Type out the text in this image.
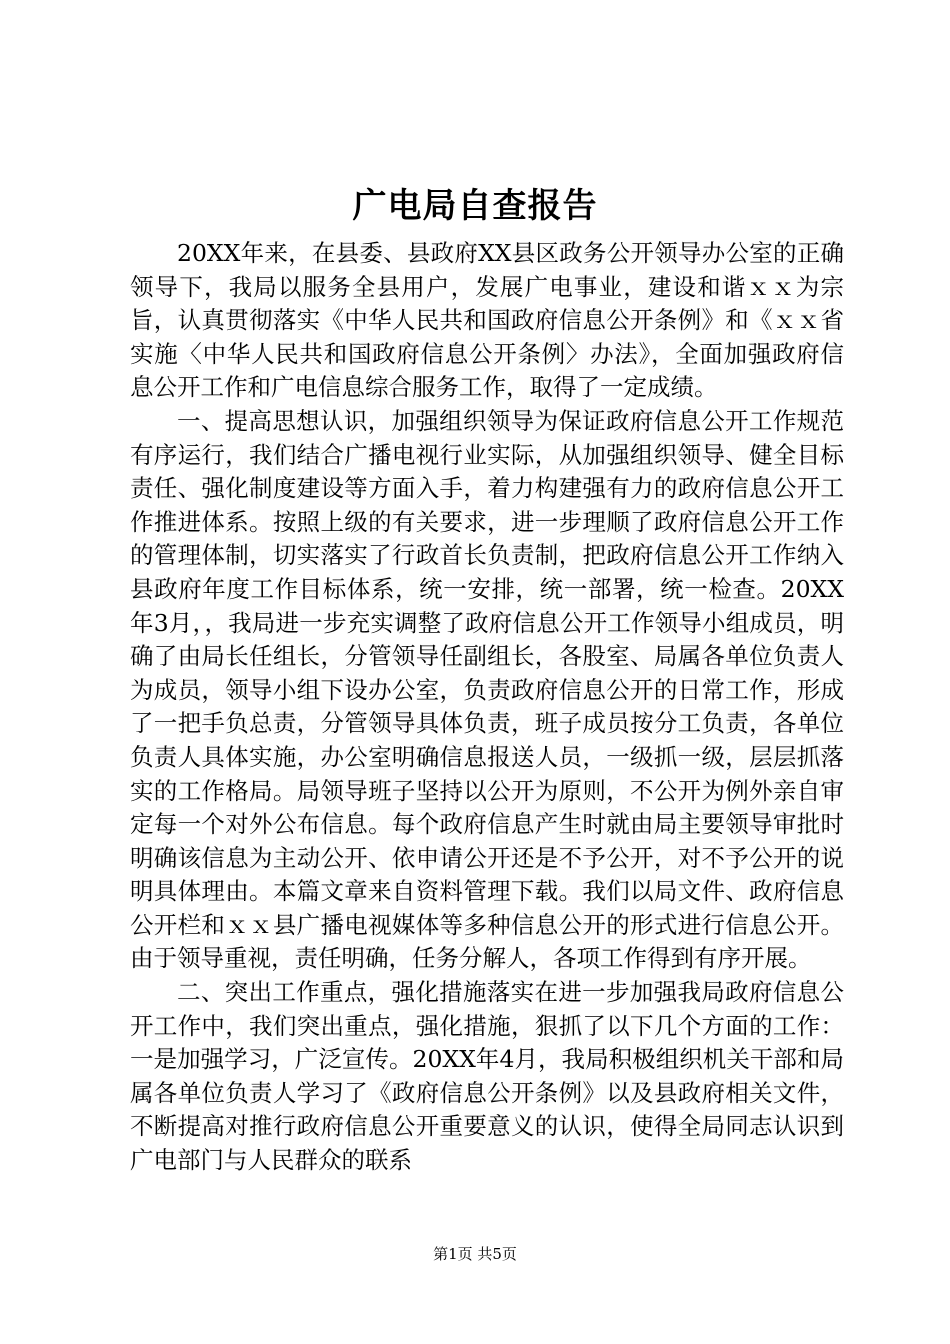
广电局自查报告

20XX年来，在县委、县政府XX县区政务公开领导办公室的正确领导下，我局以服务全县用户，发展广电事业，建设和谐ｘｘ为宗旨，认真贯彻落实《中华人民共和国政府信息公开条例》和《ｘｘ省实施〈中华人民共和国政府信息公开条例〉办法》，全面加强政府信息公开工作和广电信息综合服务工作，取得了一定成绩。

一、提高思想认识，加强组织领导为保证政府信息公开工作规范有序运行，我们结合广播电视行业实际，从加强组织领导、健全目标责任、强化制度建设等方面入手，着力构建强有力的政府信息公开工作推进体系。按照上级的有关要求，进一步理顺了政府信息公开工作的管理体制，切实落实了行政首长负责制，把政府信息公开工作纳入县政府年度工作目标体系，统一安排，统一部署，统一检查。20XX年3月，，我局进一步充实调整了政府信息公开工作领导小组成员，明确了由局长任组长，分管领导任副组长，各股室、局属各单位负责人为成员，领导小组下设办公室，负责政府信息公开的日常工作，形成了一把手负总责，分管领导具体负责，班子成员按分工负责，各单位负责人具体实施，办公室明确信息报送人员，一级抓一级，层层抓落实的工作格局。局领导班子坚持以公开为原则，不公开为例外亲自审定每一个对外公布信息。每个政府信息产生时就由局主要领导审批时明确该信息为主动公开、依申请公开还是不予公开，对不予公开的说明具体理由。本篇文章来自资料管理下载。我们以局文件、政府信息公开栏和ｘｘ县广播电视媒体等多种信息公开的形式进行信息公开。由于领导重视，责任明确，任务分解人，各项工作得到有序开展。

二、突出工作重点，强化措施落实在进一步加强我局政府信息公开工作中，我们突出重点，强化措施，狠抓了以下几个方面的工作：一是加强学习，广泛宣传。20XX年4月，我局积极组织机关干部和局属各单位负责人学习了《政府信息公开条例》以及县政府相关文件，不断提高对推行政府信息公开重要意义的认识，使得全局同志认识到广电部门与人民群众的联系

第1页 共5页
